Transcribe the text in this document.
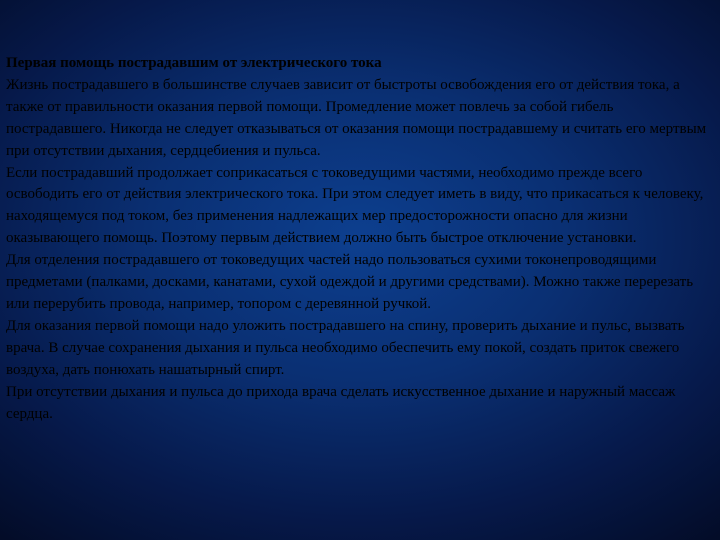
Первая помощь пострадавшим от электрического тока

Жизнь пострадавшего в большинстве случаев зависит от быстроты освобождения его от действия тока, а также от правильности оказания первой помощи. Промедление может повлечь за собой гибель пострадавшего. Никогда не следует отказываться от оказания помощи пострадавшему и считать его мертвым при отсутствии дыхания, сердцебиения и пульса.

Если пострадавший продолжает соприкасаться с токоведущими частями, необходимо прежде всего освободить его от действия электрического тока. При этом следует иметь в виду, что прикасаться к человеку, находящемуся под током, без применения надлежащих мер предосторожности опасно для жизни оказывающего помощь. Поэтому первым действием должно быть быстрое отключение установки.

Для отделения пострадавшего от токоведущих частей надо пользоваться сухими токонепроводящими предметами (палками, досками, канатами, сухой одеждой и другими средствами). Можно также перерезать или перерубить провода, например, топором с деревянной ручкой.

Для оказания первой помощи надо уложить пострадавшего на спину, проверить дыхание и пульс, вызвать врача. В случае сохранения дыхания и пульса необходимо обеспечить ему покой, создать приток свежего воздуха, дать понюхать нашатырный спирт.

При отсутствии дыхания и пульса до прихода врача сделать искусственное дыхание и наружный массаж сердца.
